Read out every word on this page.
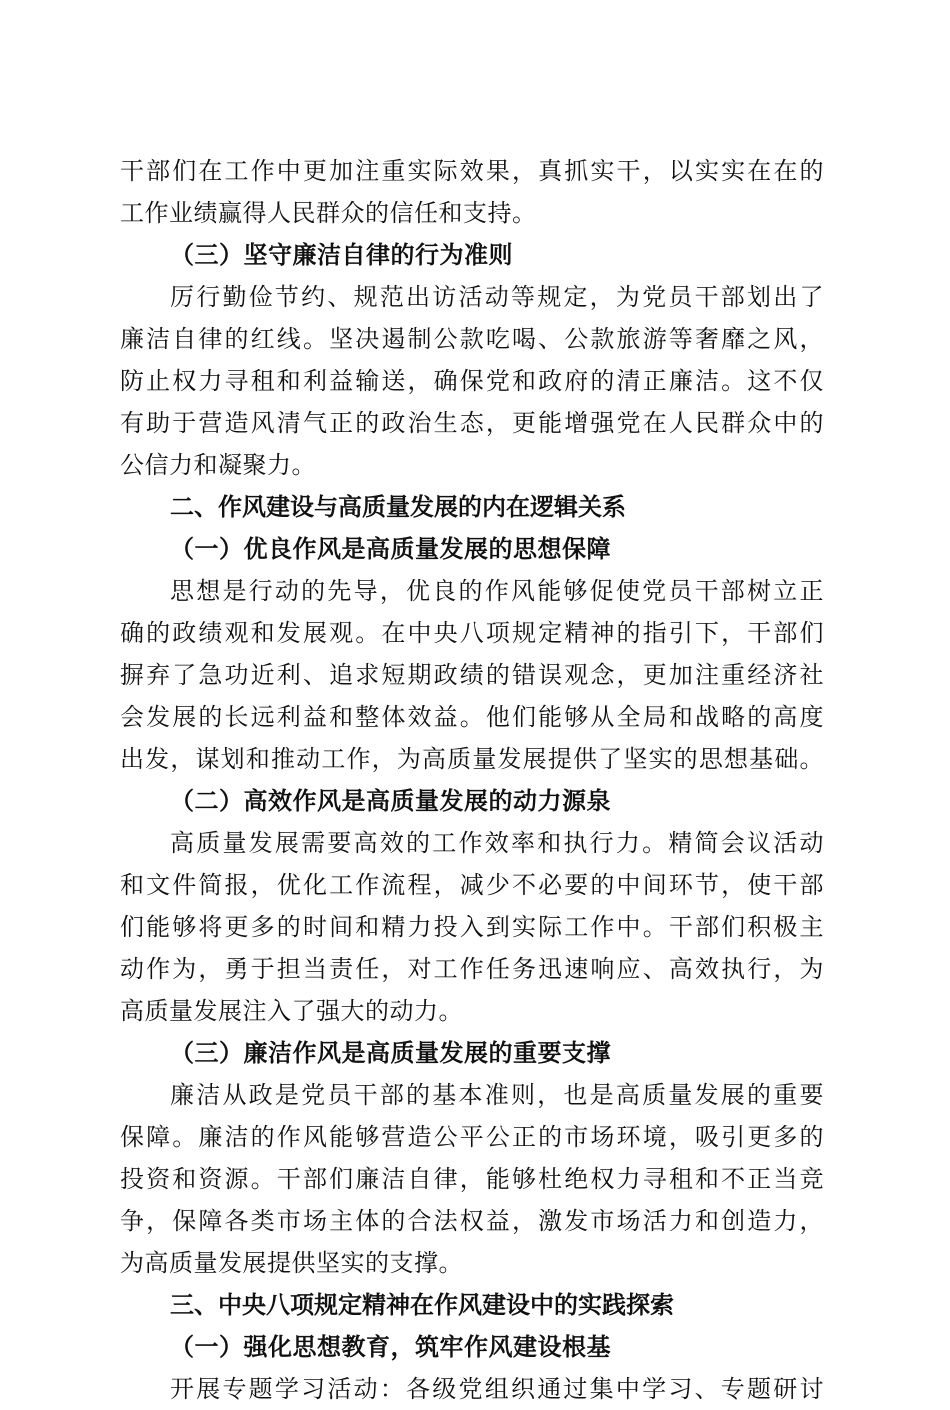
干部们在工作中更加注重实际效果，真抓实干，以实实在在的
工作业绩赢得人民群众的信任和支持。
（三）坚守廉洁自律的行为准则
厉行勤俭节约、规范出访活动等规定，为党员干部划出了
廉洁自律的红线。坚决遏制公款吃喝、公款旅游等奢靡之风，
防止权力寻租和利益输送，确保党和政府的清正廉洁。这不仅
有助于营造风清气正的政治生态，更能增强党在人民群众中的
公信力和凝聚力。
二、作风建设与高质量发展的内在逻辑关系
（一）优良作风是高质量发展的思想保障
思想是行动的先导，优良的作风能够促使党员干部树立正
确的政绩观和发展观。在中央八项规定精神的指引下，干部们
摒弃了急功近利、追求短期政绩的错误观念，更加注重经济社
会发展的长远利益和整体效益。他们能够从全局和战略的高度
出发，谋划和推动工作，为高质量发展提供了坚实的思想基础。
（二）高效作风是高质量发展的动力源泉
高质量发展需要高效的工作效率和执行力。精简会议活动
和文件简报，优化工作流程，减少不必要的中间环节，使干部
们能够将更多的时间和精力投入到实际工作中。干部们积极主
动作为，勇于担当责任，对工作任务迅速响应、高效执行，为
高质量发展注入了强大的动力。
（三）廉洁作风是高质量发展的重要支撑
廉洁从政是党员干部的基本准则，也是高质量发展的重要
保障。廉洁的作风能够营造公平公正的市场环境，吸引更多的
投资和资源。干部们廉洁自律，能够杜绝权力寻租和不正当竞
争，保障各类市场主体的合法权益，激发市场活力和创造力，
为高质量发展提供坚实的支撑。
三、中央八项规定精神在作风建设中的实践探索
（一）强化思想教育，筑牢作风建设根基
开展专题学习活动：各级党组织通过集中学习、专题研讨
